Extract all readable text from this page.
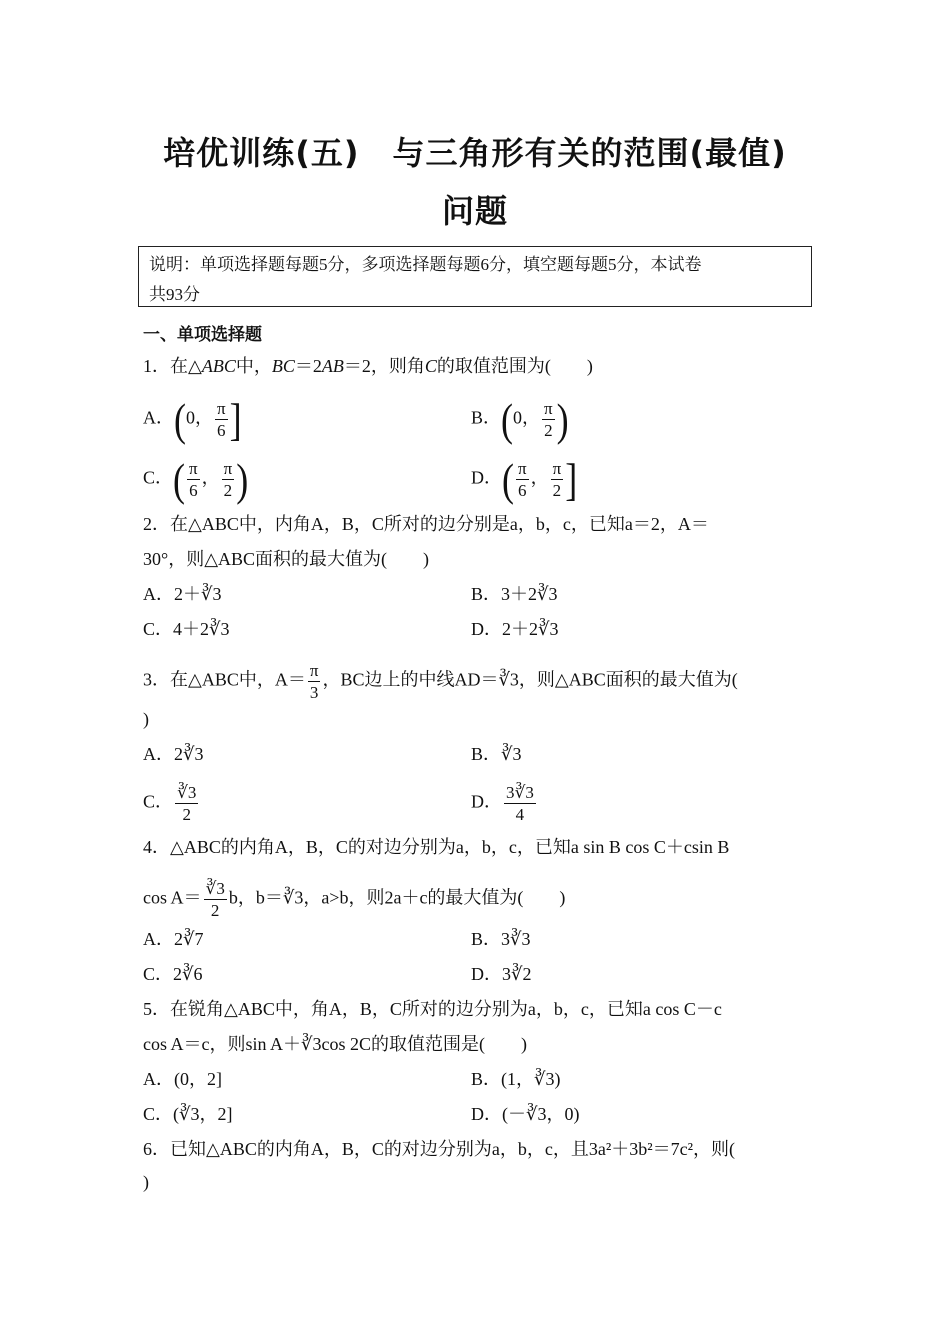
培优训练(五)　与三角形有关的范围(最值)
问题
说明：单项选择题每题5分，多项选择题每题6分，填空题每题5分，本试卷
共93分
一、单项选择题
1．在△ABC中，BC＝2AB＝2，则角C的取值范围为(　　)
A．(0， $\frac{\pi}{6}$ ]	B．(0， $\frac{\pi}{2}$ )
C．( $\frac{\pi}{6}$ ， $\frac{\pi}{2}$ )	D．( $\frac{\pi}{6}$ ， $\frac{\pi}{2}$ ]
2．在△ABC中，内角A，B，C所对的边分别是a，b，c，已知a＝2，A＝
30°，则△ABC面积的最大值为(　　)
A．2＋∛3	B．3＋2∛3
C．4＋2∛3	D．2＋2∛3
3．在△ABC中，$A= \frac{\pi}{3}$ ，BC边上的中线AD＝∛3，则△ABC面积的最大值为(
)
A．2∛3	B．∛3
C． $\frac{∛3}{2}$	D． $\frac{3∛3}{4}$
4．△ABC的内角A，B，C的对边分别为a，b，c，已知a sin B cos C＋csin B
$\cos A= \frac{∛3}{2}$ b，b＝∛3，a>b，则2a＋c的最大值为(　　)
A．2∛7	B．3∛3
C．2∛6	D．3∛2
5．在锐角△ABC中，角A，B，C所对的边分别为a，b，c，已知a cos C－c
cos A＝c，则sin A＋∛3cos 2C的取值范围是(　　)
A．(0，2]	B．(1，∛3)
C．(∛3，2]	D．(－∛3，0)
6．已知△ABC的内角A，B，C的对边分别为a，b，c，且3a²＋3b²＝7c²，则(
)
